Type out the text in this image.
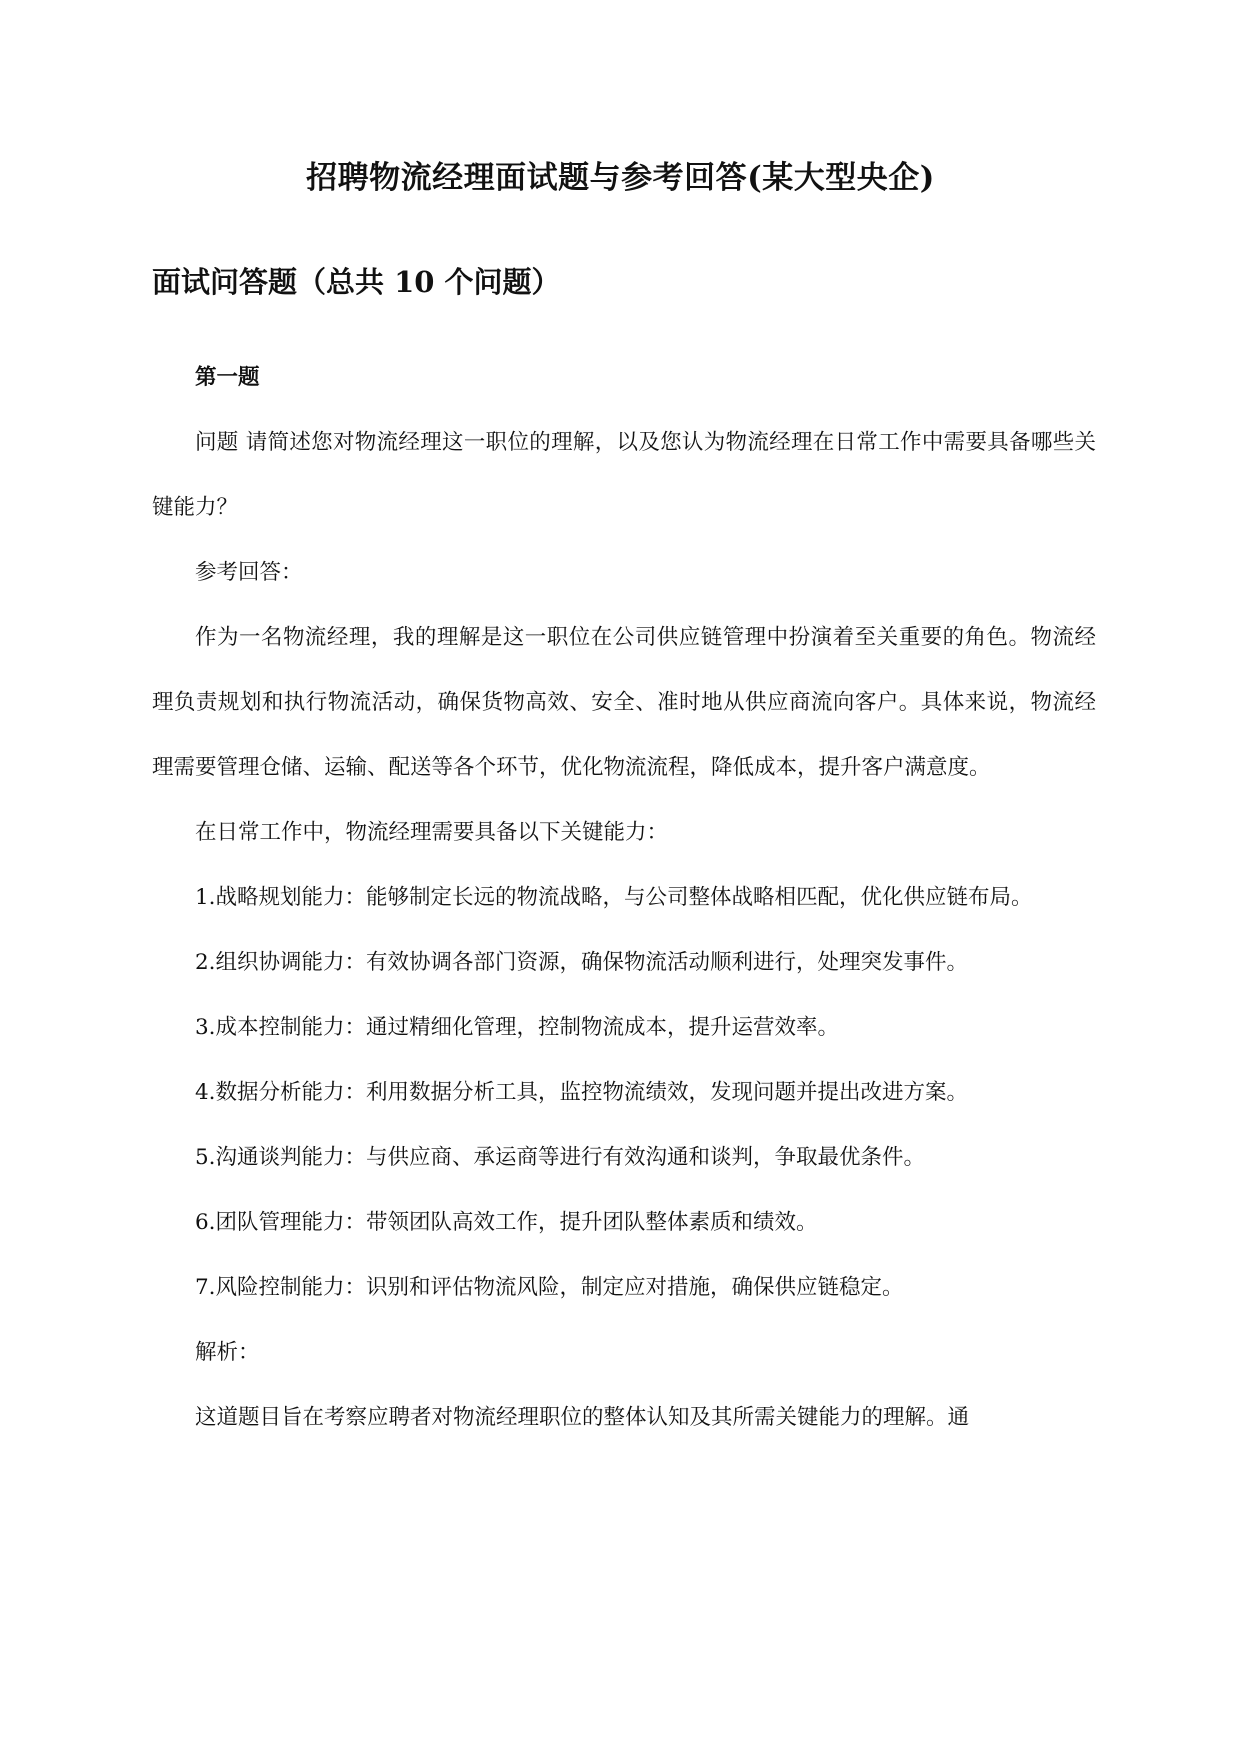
招聘物流经理面试题与参考回答(某大型央企)
面试问答题（总共 10 个问题）

第一题

问题 请简述您对物流经理这一职位的理解，以及您认为物流经理在日常工作中需要具备哪些关键能力？

参考回答：

作为一名物流经理，我的理解是这一职位在公司供应链管理中扮演着至关重要的角色。物流经理负责规划和执行物流活动，确保货物高效、安全、准时地从供应商流向客户。具体来说，物流经理需要管理仓储、运输、配送等各个环节，优化物流流程，降低成本，提升客户满意度。

在日常工作中，物流经理需要具备以下关键能力：

1.战略规划能力：能够制定长远的物流战略，与公司整体战略相匹配，优化供应链布局。

2.组织协调能力：有效协调各部门资源，确保物流活动顺利进行，处理突发事件。

3.成本控制能力：通过精细化管理，控制物流成本，提升运营效率。

4.数据分析能力：利用数据分析工具，监控物流绩效，发现问题并提出改进方案。

5.沟通谈判能力：与供应商、承运商等进行有效沟通和谈判，争取最优条件。

6.团队管理能力：带领团队高效工作，提升团队整体素质和绩效。

7.风险控制能力：识别和评估物流风险，制定应对措施，确保供应链稳定。

解析：

这道题目旨在考察应聘者对物流经理职位的整体认知及其所需关键能力的理解。通
